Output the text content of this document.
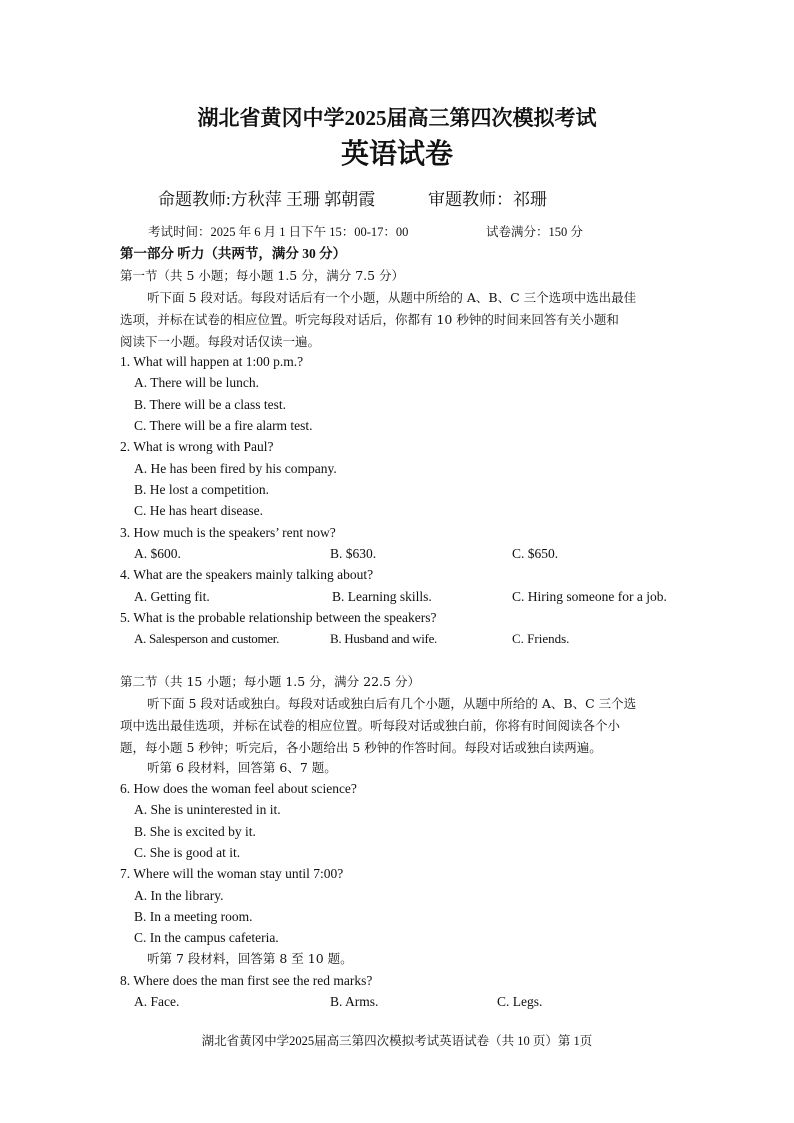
湖北省黄冈中学2025届高三第四次模拟考试
英语试卷
命题教师:方秋萍 王珊 郭朝霞	审题教师：祁珊
考试时间：2025 年 6 月 1 日下午 15：00-17：00	试卷满分：150 分
第一部分 听力（共两节，满分 30 分）
第一节（共 5 小题；每小题 1.5 分，满分 7.5 分）
听下面 5 段对话。每段对话后有一个小题，从题中所给的 A、B、C 三个选项中选出最佳
选项，并标在试卷的相应位置。听完每段对话后，你都有 10 秒钟的时间来回答有关小题和
阅读下一小题。每段对话仅读一遍。
1. What will happen at 1:00 p.m.?
A. There will be lunch.
B. There will be a class test.
C. There will be a fire alarm test.
2. What is wrong with Paul?
A. He has been fired by his company.
B. He lost a competition.
C. He has heart disease.
3. How much is the speakers’ rent now?
A. $600.	B. $630.	C. $650.
4. What are the speakers mainly talking about?
A. Getting fit.	B. Learning skills.	C. Hiring someone for a job.
5. What is the probable relationship between the speakers?
A. Salesperson and customer.	B. Husband and wife.	C. Friends.
第二节（共 15 小题；每小题 1.5 分，满分 22.5 分）
听下面 5 段对话或独白。每段对话或独白后有几个小题，从题中所给的 A、B、C 三个选
项中选出最佳选项，并标在试卷的相应位置。听每段对话或独白前，你将有时间阅读各个小
题，每小题 5 秒钟；听完后，各小题给出 5 秒钟的作答时间。每段对话或独白读两遍。
听第 6 段材料，回答第 6、7 题。
6. How does the woman feel about science?
A. She is uninterested in it.
B. She is excited by it.
C. She is good at it.
7. Where will the woman stay until 7:00?
A. In the library.
B. In a meeting room.
C. In the campus cafeteria.
听第 7 段材料，回答第 8 至 10 题。
8. Where does the man first see the red marks?
A. Face.	B. Arms.	C. Legs.
湖北省黄冈中学2025届高三第四次模拟考试英语试卷（共 10 页）第 1页
